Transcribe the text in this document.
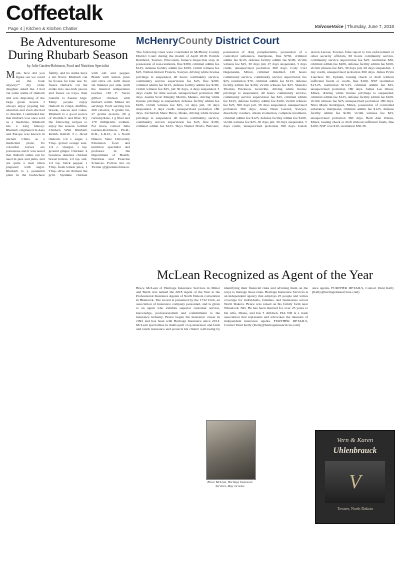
Coffeetalk
Page 4 | Kitchen & Kitchen Chatter	VolvoxeVoice | Thursday, June 7, 2018
Be Adventuresome During Rhubarb Season
by Julie Garden-Robinson, Food and Nutrition Specialist
Mom, how did you figure out we could eat the bark anyway?" my older daughter asked me. I had cut some stalks of rhubarb and was disposing of the large green leaves. I always enjoy piquing her attention and even she had to chuckle. I reminded her that rhubarb was once sold as a medicine. Rhubarb has a long history. Rhubarb originated in Asia and Europe was known in ancient China as a medicinal plant. Its colourful leaves are poisonous and it was noted that rhubarb stalks can be used in pies and jams, and are quite a treat when prepared with sugar. Rhubarb is a perennial plant in the buckwheat family, and its stalks have a tart flavor. Rhubarb can be frozen for later use. To freeze rhubarb, cut the stalks into one-inch pieces and freeze on trays, then transfer to freezer bags. Many people enjoy rhubarb in crisps, muffins, breads, sauces and cakes. Rhubarb is a good source of vitamin C and fiber. Try the following recipes to enjoy the season. Grilled Chicken With Rhubarb Relish. Relish: 3 c. diced rhubarb, 1/4 c. sugar, 1 Tbsp. grated orange zest, 1/4 c. vinegar, 1 tsp. ground ginger. Chicken: 4 boneless skinless chicken breast halves, 1/2 tsp. salt, 1/2 tsp. black pepper, 1 Tbsp. fresh lemon juice, 1 Tbsp. olive oil. Preheat the grill. Sprinkle chicken with salt and pepper. Brush with lemon juice and olive oil. Grill about six minutes per side, until the internal temperature reaches 165 F. Serve grilled chicken with rhubarb relish. Makes six servings. Each serving has 200 calories, 6 grams fat, 27 grams protein, 29 g carbohydrate, 1 g fiber and 170 milligrams sodium. For more, contact Julie Garden-Robinson, Ph.D., R.D., L.R.D., is a North Dakota State University Extension food and nutrition specialist and professor in the Department of Health, Nutrition and Exercise Sciences. Follow her on Twitter @jgardenrobinson.
McHenryCounty District Court
The following cases were concluded in McHenry County District Court during the month of April 2018. Patrick Reinhold, Towner, Wisconsin, furnace inspection stop, in possession of non-residents, fine $300, criminal admin fee $125, defense facility admin fee $100, victim witness fee $25. Nathan Robert Francis, Sawyer, driving while license privilege is suspended, 40 hours community service, community service supervision fee $25, fine $200, criminal admin fee $125, defense facility admin fee $100, victim witness fee $25, jail 30 days, 4 days suspended, 3 days credit for time served, unsupervised probation 360 days. Austin Scott Murphy Martin, Menno, driving while license privilege is suspended, defense facility admin fee $100, victim witness fee $25, 14 days jail, 10 days suspended, 4 days credit, unsupervised probation 180 days. Zachariah Shaw Brice, Drake, driving while license privilege is suspended, 40 hours community service, community service supervision fee $25, fine $100, criminal admin fee $125. Skyo Daniel Davis, Belcourt, possession of drug paraphernalia, possession of a controlled substance, marijuana, fine $750, criminal admin fee $125, defense facility admin fee $100, victim witness fee $25, 30 days jail, 27 days suspended, 3 days credit, unsupervised probation 360 days. Cody Carl Degenstein, Minot, criminal mischief, 120 hours community service, community service supervision fee $25, restitution $70, criminal admin fee $125, defense facility admin fee $100, victim witness fee $25. Shandra Thomas Erickson, Granville, driving while license privilege is suspended, 40 hours community service, community service supervision fee $25, criminal admin fee $125, defense facility admin fee $100, victim witness fee $25, 360 days jail, 30 days suspended, unsupervised probation 360 days. Jesse Dean Gerard, Sawyer, disorderly conduct, obtain evaluation, complete treatment, criminal admin fee $125, defense facility admin fee $100, victim witness fee $25, 30 days jail, 30 days suspended, 3 days credit, unsupervised probation 360 days. Isaiah Aaron Larson, Towner, false report to law enforcement or other security officials, 60 hours community service, community service supervision fee $25, restitution $36, criminal admin fee $200, defense facility admin fee $100, victim witness fee $25, 30 days jail, 29 days suspended, 1 day credit, unsupervised probation 360 days. James Ervin Lanchow III, Upham, issuing check or draft without sufficient funds or credit, fine $100, NSF restitution $13.25, restitution $13.25, criminal admin fee $25, unsupervised probation 180 days. James Lee Olson, Minot, driving while license privilege is suspended, criminal admin fee $125, defense facility admin fee $100, victim witness fee $25, unsupervised probation 180 days. Nina Marie Rodriguez, Minot, possession of controlled substance, marijuana, criminal admin fee $125, defense facility admin fee $100, victim witness fee $25, unsupervised probation 360 days. Beth Ann Warnu, Minot, issuing check or draft without sufficient funds, fine $100, NSF cost $10, restitution $30.39.
McLean Recognized as Agent of the Year
Bruce McLean of Heritage Insurance Services in Minot and Berth was named the 2018 Agent of the Year at the Professional Insurance Agents of North Dakota convention in Bismarck. The award is presented by the 1732 Club, an association of insurance company personnel, and is given to an agent who exhibits superior customer service, knowledge, professionalism and commitment to the insurance industry. Bruce began his insurance career in 1992 and has been with Heritage Insurance since 2013. McLean specializes in multi-peril crop insurance and farm and ranch insurance and protects his clients' well-being by identifying their financial risks and advising them on the ways to manage those risks. Heritage Insurance Services is an independent agency that employs 25 people and writes coverage for individuals, families, and businesses across North Dakota. Bruce was raised on his family farm near Wheelock, ND. He has been married for over 23 years to his wife, Diana, and has 3 children. PIA ND is a trade association that represents and advocates the interests of independent insurance agents. FURTHER DETAILS, Contact Dani Kelly (Kelly@heritageinsservices.com)
Bruce McLean, Heritage Insurance Services, May 24 issue
ance agents. FURTHER DETAILS, Contact Dani Kelly (Kelly@heritageinsservices.com)
Vern & Karen
Uhlenbrauck
V
Towner, North Dakota
